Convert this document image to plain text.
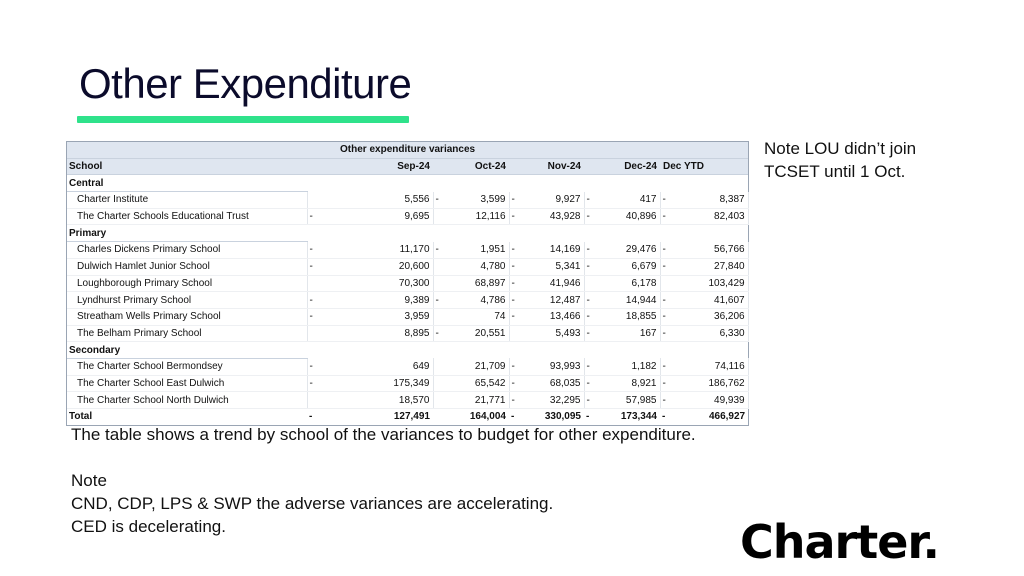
Other Expenditure
Note LOU didn’t join TCSET until 1 Oct.
Other expenditure variances										
School	Sep-24		Oct-24		Nov-24		Dec-24		Dec YTD	
Central										
Charter Institute		5,556	-	3,599	-	9,927	-	417	-	8,387
The Charter Schools Educational Trust	-	9,695		12,116	-	43,928	-	40,896	-	82,403
Primary										
Charles Dickens Primary School	-	11,170	-	1,951	-	14,169	-	29,476	-	56,766
Dulwich Hamlet Junior School	-	20,600		4,780	-	5,341	-	6,679	-	27,840
Loughborough Primary School		70,300		68,897	-	41,946		6,178		103,429
Lyndhurst Primary School	-	9,389	-	4,786	-	12,487	-	14,944	-	41,607
Streatham Wells Primary School	-	3,959		74	-	13,466	-	18,855	-	36,206
The Belham Primary School		8,895	-	20,551		5,493	-	167	-	6,330
Secondary										
The Charter School Bermondsey	-	649		21,709	-	93,993	-	1,182	-	74,116
The Charter School East Dulwich	-	175,349		65,542	-	68,035	-	8,921	-	186,762
The Charter School North Dulwich		18,570		21,771	-	32,295	-	57,985	-	49,939
Total	-	127,491		164,004	-	330,095	-	173,344	-	466,927

The table shows a trend by school of the variances to budget for other expenditure.

Note

CND, CDP, LPS & SWP the adverse variances are accelerating.

CED is decelerating.	Charter.
